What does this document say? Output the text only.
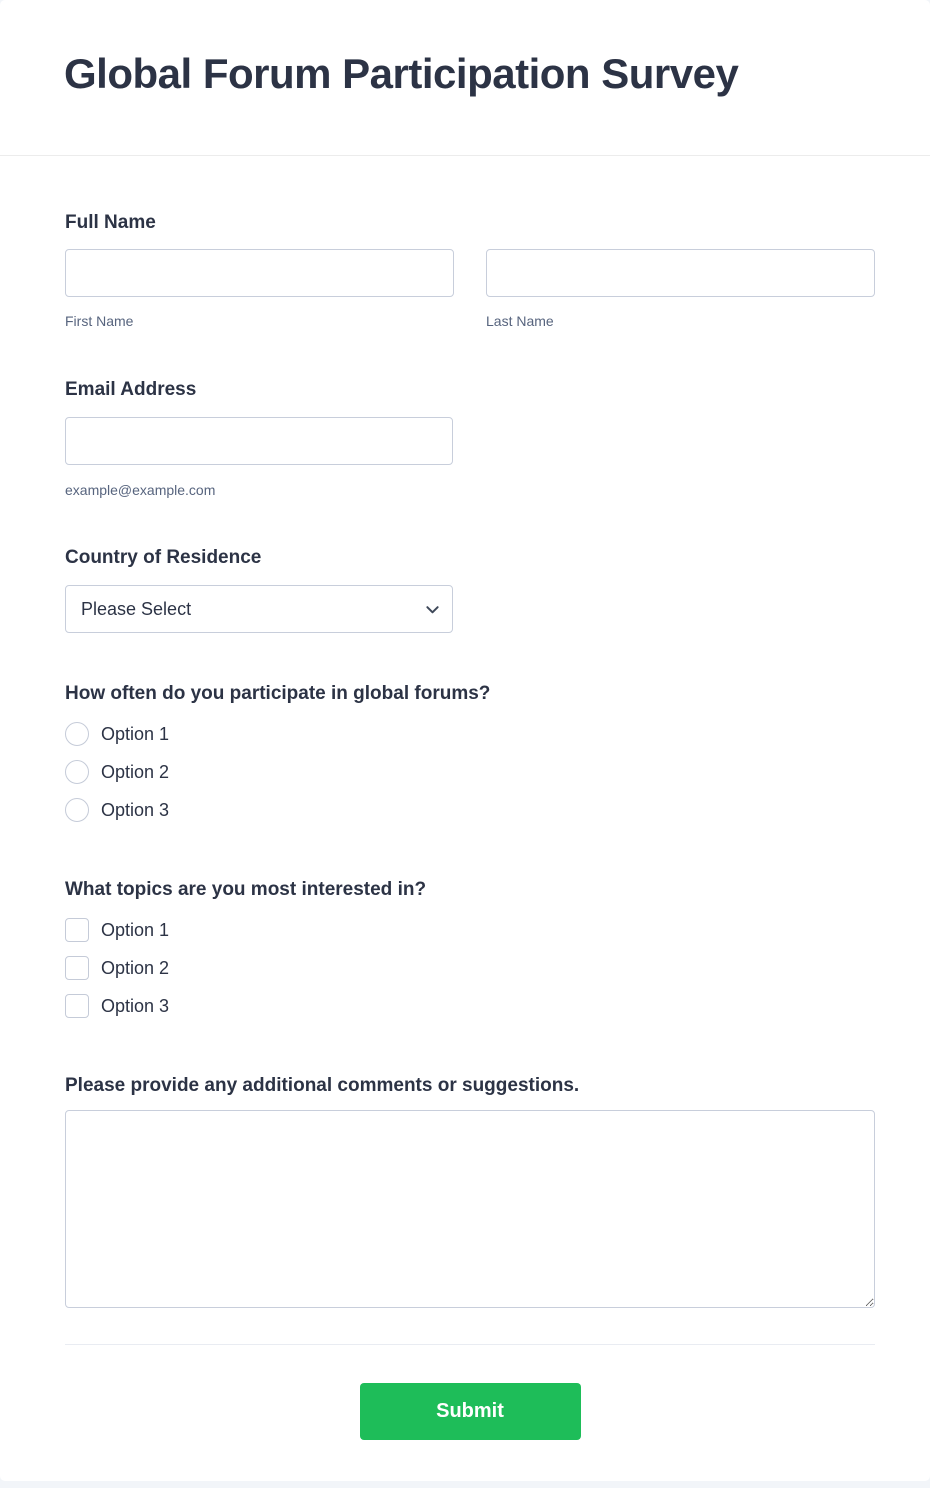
Global Forum Participation Survey
Full Name
First Name	Last Name
Email Address
example@example.com
Country of Residence
Please Select
How often do you participate in global forums?
Option 1
Option 2
Option 3
What topics are you most interested in?
Option 1
Option 2
Option 3
Please provide any additional comments or suggestions.
Submit
